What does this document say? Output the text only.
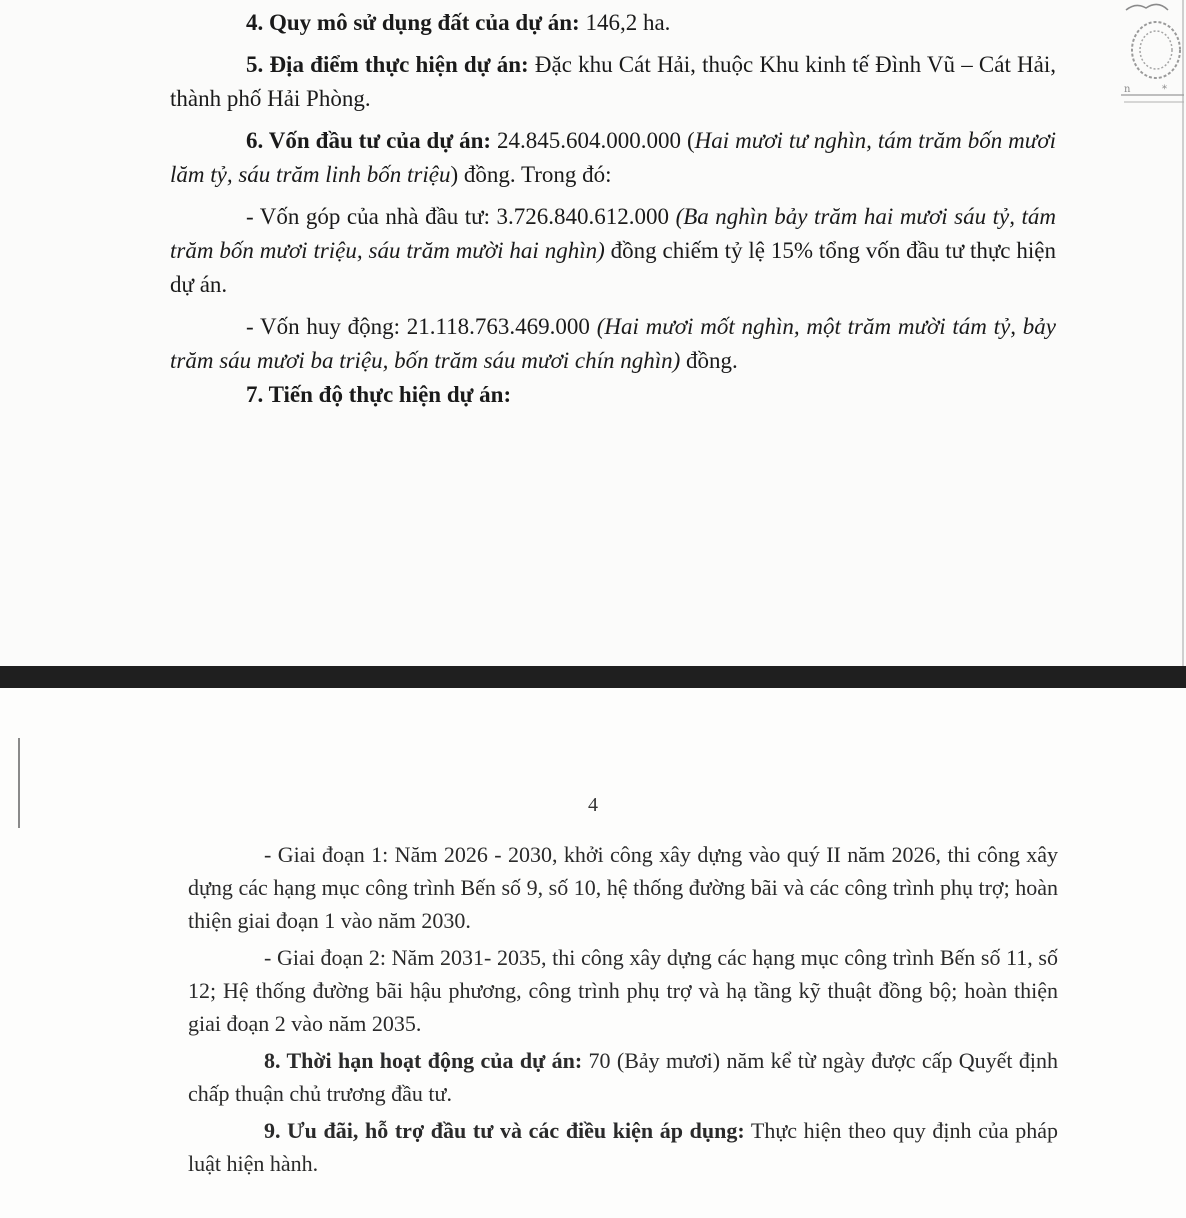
n	*

4. Quy mô sử dụng đất của dự án: 146,2 ha.

5. Địa điểm thực hiện dự án: Đặc khu Cát Hải, thuộc Khu kinh tế Đình Vũ – Cát Hải, thành phố Hải Phòng.

6. Vốn đầu tư của dự án: 24.845.604.000.000 (Hai mươi tư nghìn, tám trăm bốn mươi lăm tỷ, sáu trăm linh bốn triệu) đồng. Trong đó:

- Vốn góp của nhà đầu tư: 3.726.840.612.000 (Ba nghìn bảy trăm hai mươi sáu tỷ, tám trăm bốn mươi triệu, sáu trăm mười hai nghìn) đồng chiếm tỷ lệ 15% tổng vốn đầu tư thực hiện dự án.

- Vốn huy động: 21.118.763.469.000 (Hai mươi mốt nghìn, một trăm mười tám tỷ, bảy trăm sáu mươi ba triệu, bốn trăm sáu mươi chín nghìn) đồng.

7. Tiến độ thực hiện dự án:

4

- Giai đoạn 1: Năm 2026 - 2030, khởi công xây dựng vào quý II năm 2026, thi công xây dựng các hạng mục công trình Bến số 9, số 10, hệ thống đường bãi và các công trình phụ trợ; hoàn thiện giai đoạn 1 vào năm 2030.

- Giai đoạn 2: Năm 2031- 2035, thi công xây dựng các hạng mục công trình Bến số 11, số 12; Hệ thống đường bãi hậu phương, công trình phụ trợ và hạ tầng kỹ thuật đồng bộ; hoàn thiện giai đoạn 2 vào năm 2035.

8. Thời hạn hoạt động của dự án: 70 (Bảy mươi) năm kể từ ngày được cấp Quyết định chấp thuận chủ trương đầu tư.

9. Ưu đãi, hỗ trợ đầu tư và các điều kiện áp dụng: Thực hiện theo quy định của pháp luật hiện hành.
